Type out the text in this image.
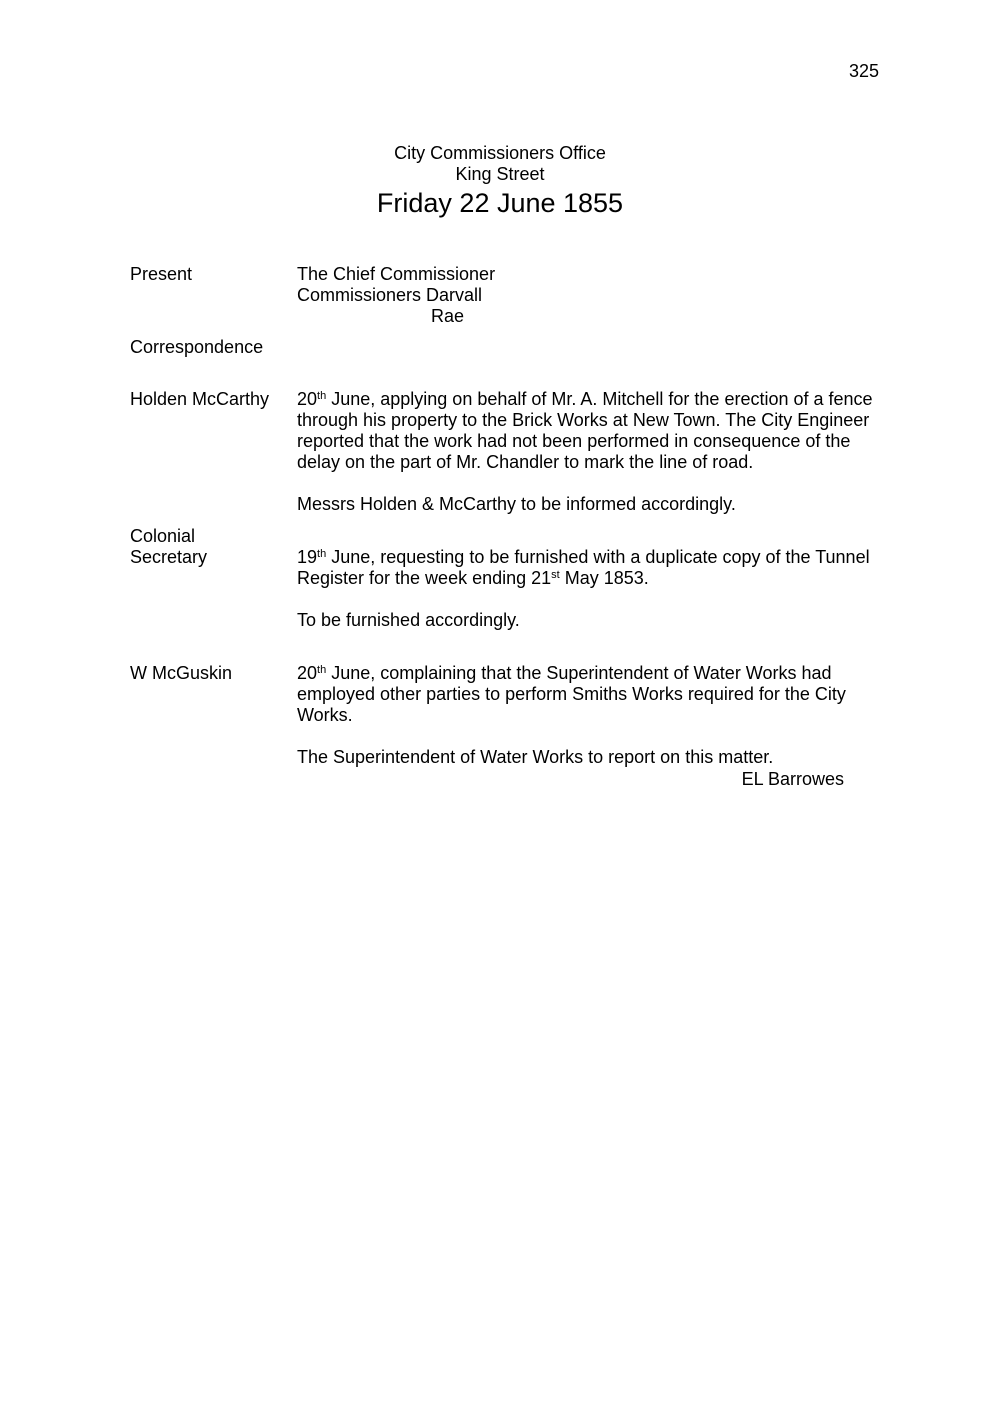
325
City Commissioners Office
King Street
Friday 22 June 1855
Present	The Chief Commissioner
Commissioners Darvall
Rae
Correspondence
Holden McCarthy	20th June, applying on behalf of Mr. A. Mitchell for the erection of a fence through his property to the Brick Works at New Town. The City Engineer reported that the work had not been performed in consequence of the delay on the part of Mr. Chandler to mark the line of road.

Messrs Holden & McCarthy to be informed accordingly.

Colonial
Secretary	19th June, requesting to be furnished with a duplicate copy of the Tunnel Register for the week ending 21st May 1853.

To be furnished accordingly.

W McGuskin	20th June, complaining that the Superintendent of Water Works had employed other parties to perform Smiths Works required for the City Works.

The Superintendent of Water Works to report on this matter.

EL Barrowes
